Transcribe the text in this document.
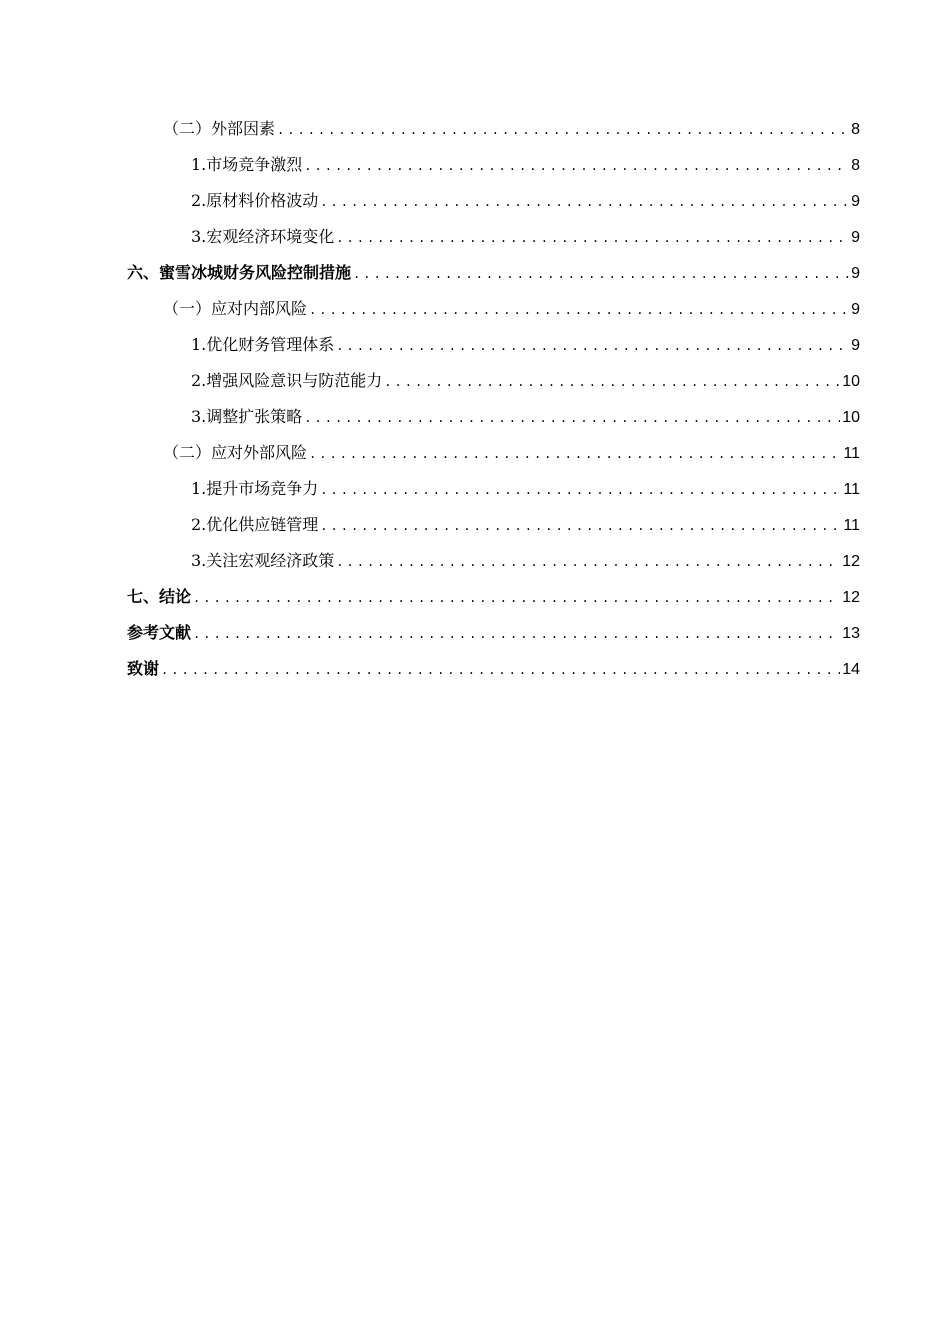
（二）外部因素 .....	8
1.市场竞争激烈 .....	8
2.原材料价格波动 .....	9
3.宏观经济环境变化 .....	9
六、蜜雪冰城财务风险控制措施 .....	9
（一）应对内部风险 .....	9
1.优化财务管理体系 .....	9
2.增强风险意识与防范能力 .....	10
3.调整扩张策略 .....	10
（二）应对外部风险 .....	11
1.提升市场竞争力 .....	11
2.优化供应链管理 .....	11
3.关注宏观经济政策 .....	12
七、结论 .....	12
参考文献 .....	13
致谢 .....	14
